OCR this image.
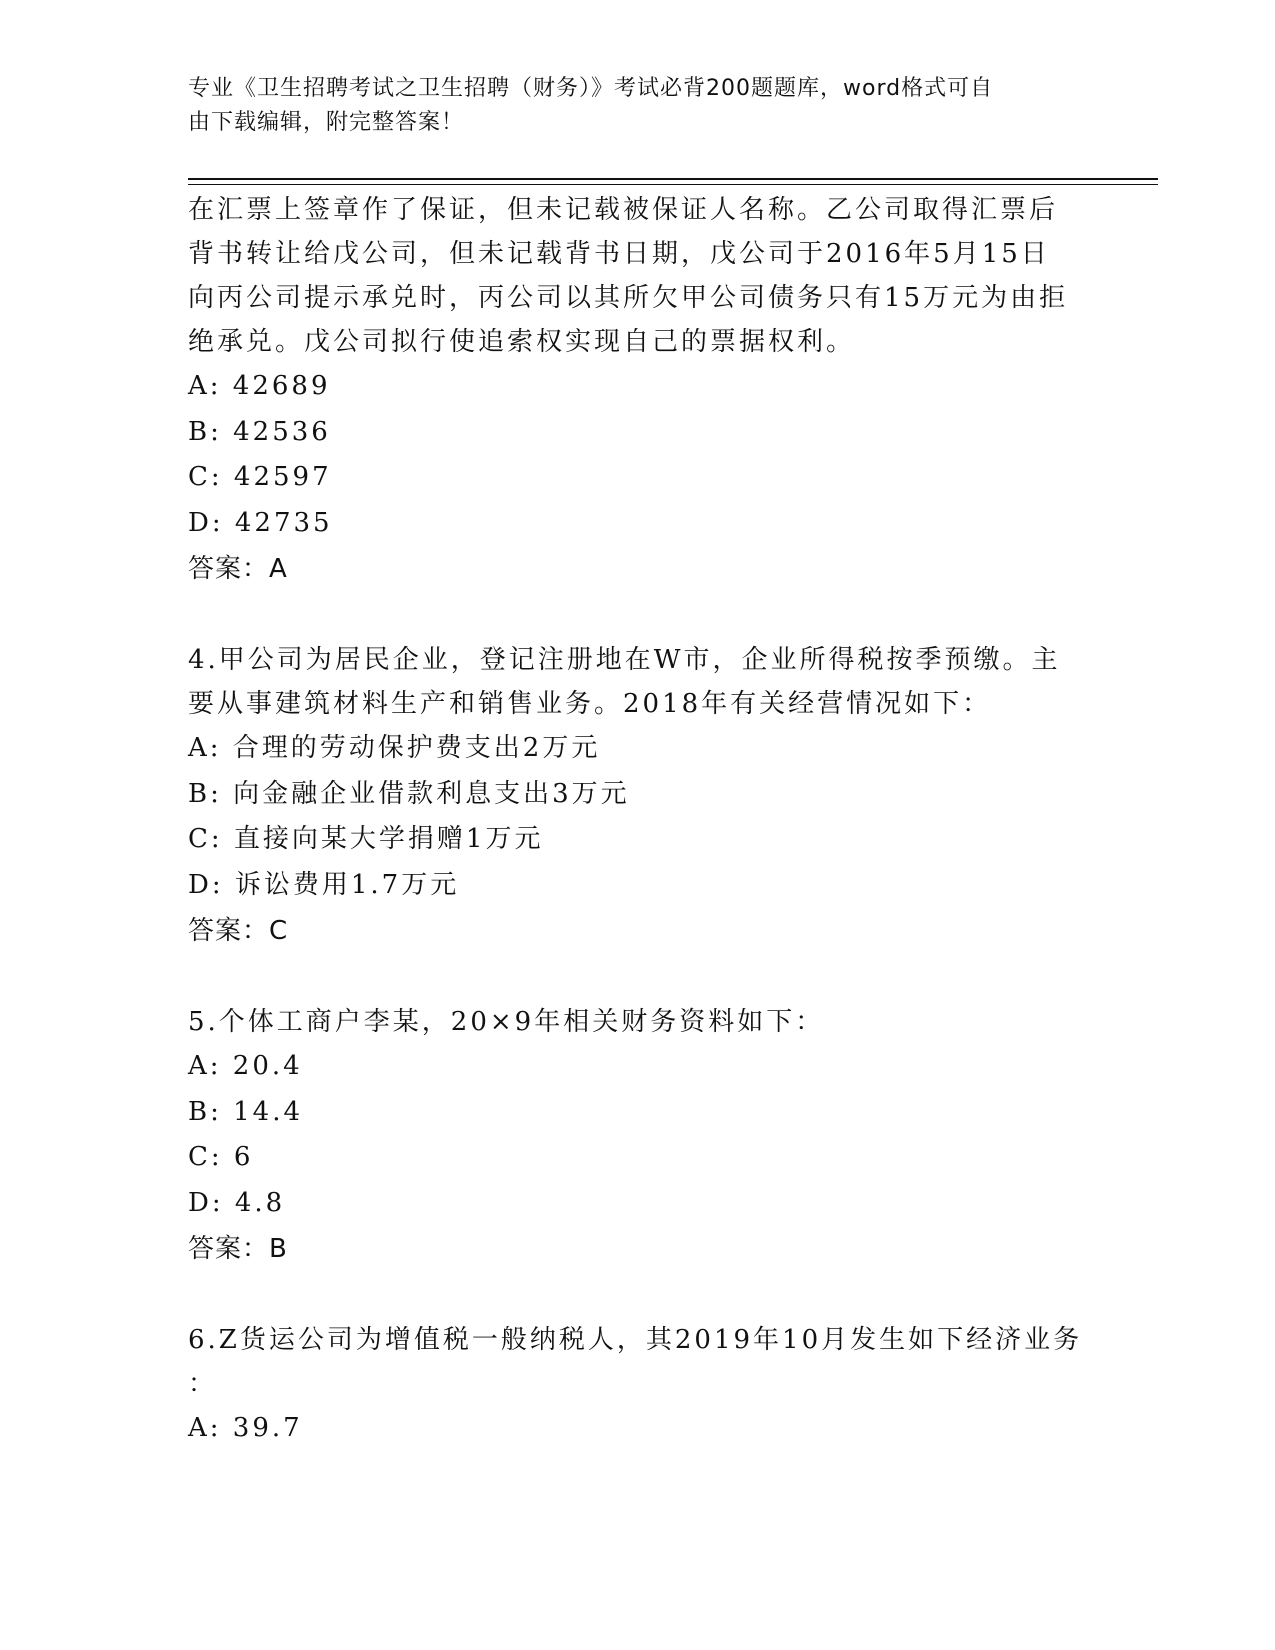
专业《卫生招聘考试之卫生招聘（财务）》考试必背200题题库，word格式可自
由下载编辑，附完整答案！

在汇票上签章作了保证，但未记载被保证人名称。乙公司取得汇票后

背书转让给戊公司，但未记载背书日期，戊公司于2016年5月15日

向丙公司提示承兑时，丙公司以其所欠甲公司债务只有15万元为由拒

绝承兑。戊公司拟行使追索权实现自己的票据权利。

A: 42689

B: 42536

C: 42597

D: 42735

答案：A

4.甲公司为居民企业，登记注册地在W市，企业所得税按季预缴。主

要从事建筑材料生产和销售业务。2018年有关经营情况如下：

A: 合理的劳动保护费支出2万元

B: 向金融企业借款利息支出3万元

C: 直接向某大学捐赠1万元

D: 诉讼费用1.7万元

答案：C

5.个体工商户李某，20×9年相关财务资料如下：

A: 20.4

B: 14.4

C: 6

D: 4.8

答案：B

6.Z货运公司为增值税一般纳税人，其2019年10月发生如下经济业务

：

A: 39.7
